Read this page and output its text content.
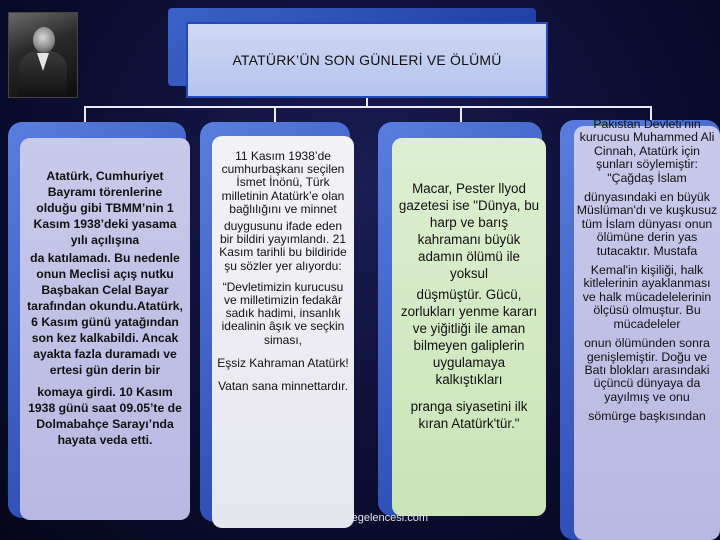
ATATÜRK’ÜN SON GÜNLERİ VE ÖLÜMÜ

Atatürk, Cumhuriyet Bayramı törenlerine olduğu gibi TBMM’nin 1 Kasım 1938’deki yasama yılı açılışına

da katılamadı. Bu nedenle onun Meclisi açış nutku Başbakan Celal Bayar tarafından okundu.Atatürk, 6 Kasım günü yatağından son kez kalkabildi. Ancak ayakta fazla duramadı ve ertesi gün derin bir

komaya girdi. 10 Kasım 1938 günü saat 09.05’te de Dolmabahçe Sarayı’nda hayata veda etti.

11 Kasım 1938’de cumhurbaşkanı seçilen İsmet İnönü, Türk milletinin Atatürk’e olan bağlılığını ve minnet

duygusunu ifade eden bir bildiri yayımlandı. 21 Kasım tarihli bu bildiride şu sözler yer alıyordu:

“Devletimizin kurucusu ve milletimizin fedakâr sadık hadimi, insanlık idealinin âşık ve seçkin siması,

Eşsiz Kahraman Atatürk!

Vatan sana minnettardır.

Macar, Pester llyod gazetesi ise "Dünya, bu harp ve barış kahramanı büyük adamın ölümü ile yoksul

düşmüştür. Gücü, zorlukları yenme kararı ve yiğitliği ile aman bilmeyen galiplerin uygulamaya kalkıştıkları

pranga siyasetini ilk kıran Atatürk'tür."

Pakistan Devleti’nin kurucusu Muhammed Ali Cinnah, Atatürk için şunları söylemiştir: "Çağdaş İslam

dünyasındaki en büyük Müslüman'dı ve kuşkusuz tüm İslam dünyası onun ölümüne derin yas tutacaktır. Mustafa

Kemal'in kişiliği, halk kitlelerinin ayaklanması ve halk mücadelelerinin ölçüsü olmuştur. Bu mücadeleler

onun ölümünden sonra genişlemiştir. Doğu ve Batı blokları arasındaki üçüncü dünyaya da yayılmış ve onu

sömürge başkısından

www.tarihegelencesi.com
